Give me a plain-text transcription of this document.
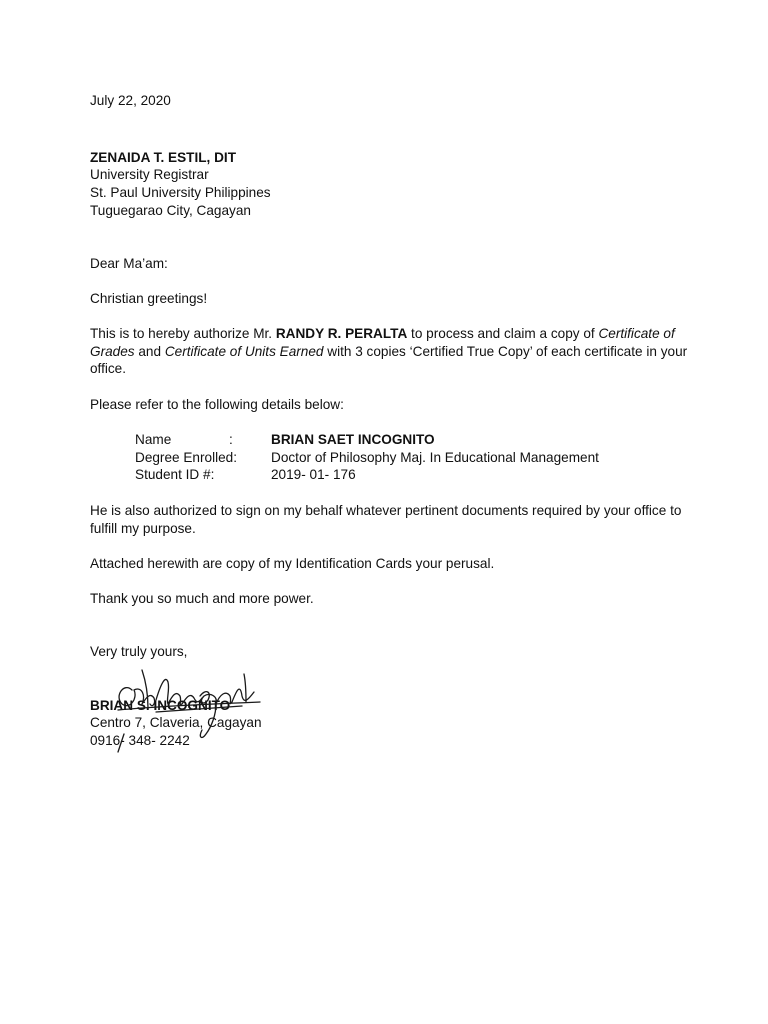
July 22, 2020
ZENAIDA T. ESTIL, DIT
University Registrar
St. Paul University Philippines
Tuguegarao City, Cagayan
Dear Ma’am:
Christian greetings!
This is to hereby authorize Mr. RANDY R. PERALTA to process and claim a copy of Certificate of Grades and Certificate of Units Earned with 3 copies ‘Certified True Copy’ of each certificate in your office.
Please refer to the following details below:
Name	:	BRIAN SAET INCOGNITO
Degree Enrolled: Doctor of Philosophy Maj. In Educational Management
Student ID #:	2019- 01- 176
He is also authorized to sign on my behalf whatever pertinent documents required by your office to fulfill my purpose.
Attached herewith are copy of my Identification Cards your perusal.
Thank you so much and more power.
Very truly yours,
BRIAN S. INCOGNITO
Centro 7, Claveria, Cagayan
0916- 348- 2242
